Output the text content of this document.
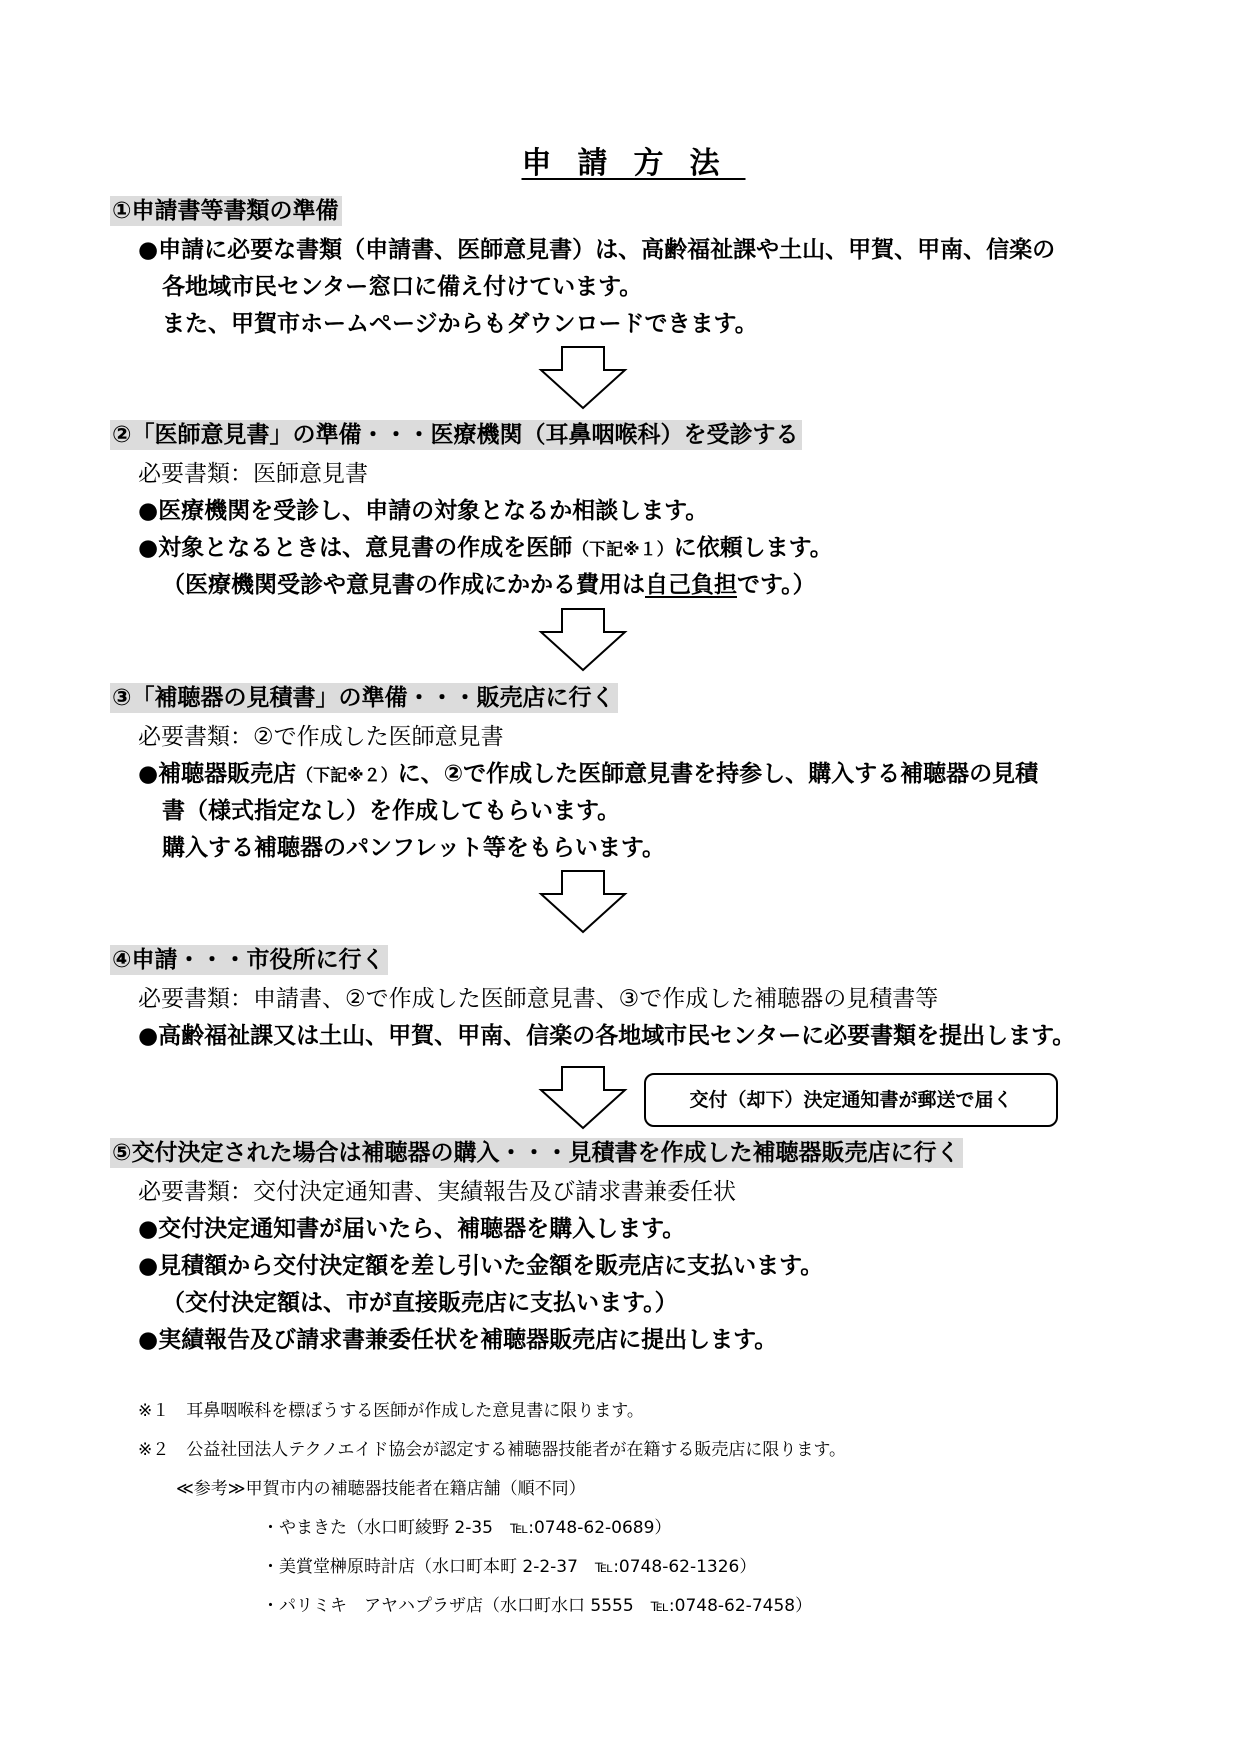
申請方法
①申請書等書類の準備
●申請に必要な書類（申請書、医師意見書）は、高齢福祉課や土山、甲賀、甲南、信楽の
各地域市民センター窓口に備え付けています。
また、甲賀市ホームページからもダウンロードできます。
②「医師意見書」の準備・・・医療機関（耳鼻咽喉科）を受診する
必要書類：医師意見書
●医療機関を受診し、申請の対象となるか相談します。
●対象となるときは、意見書の作成を医師（下記※１）に依頼します。
（医療機関受診や意見書の作成にかかる費用は自己負担です。）
③「補聴器の見積書」の準備・・・販売店に行く
必要書類：②で作成した医師意見書
●補聴器販売店（下記※２）に、②で作成した医師意見書を持参し、購入する補聴器の見積
書（様式指定なし）を作成してもらいます。
購入する補聴器のパンフレット等をもらいます。
④申請・・・市役所に行く
必要書類：申請書、②で作成した医師意見書、③で作成した補聴器の見積書等
●高齢福祉課又は土山、甲賀、甲南、信楽の各地域市民センターに必要書類を提出します。
交付（却下）決定通知書が郵送で届く
⑤交付決定された場合は補聴器の購入・・・見積書を作成した補聴器販売店に行く
必要書類：交付決定通知書、実績報告及び請求書兼委任状
●交付決定通知書が届いたら、補聴器を購入します。
●見積額から交付決定額を差し引いた金額を販売店に支払います。
（交付決定額は、市が直接販売店に支払います。）
●実績報告及び請求書兼委任状を補聴器販売店に提出します。
※１　 耳鼻咽喉科を標ぼうする医師が作成した意見書に限ります。
※２　 公益社団法人テクノエイド協会が認定する補聴器技能者が在籍する販売店に限ります。
≪参考≫甲賀市内の補聴器技能者在籍店舗（順不同）
・やまきた（水口町綾野 2-35　℡:0748-62-0689）
・美賞堂榊原時計店（水口町本町 2-2-37　℡:0748-62-1326）
・パリミキ　アヤハプラザ店（水口町水口 5555　℡:0748-62-7458）
